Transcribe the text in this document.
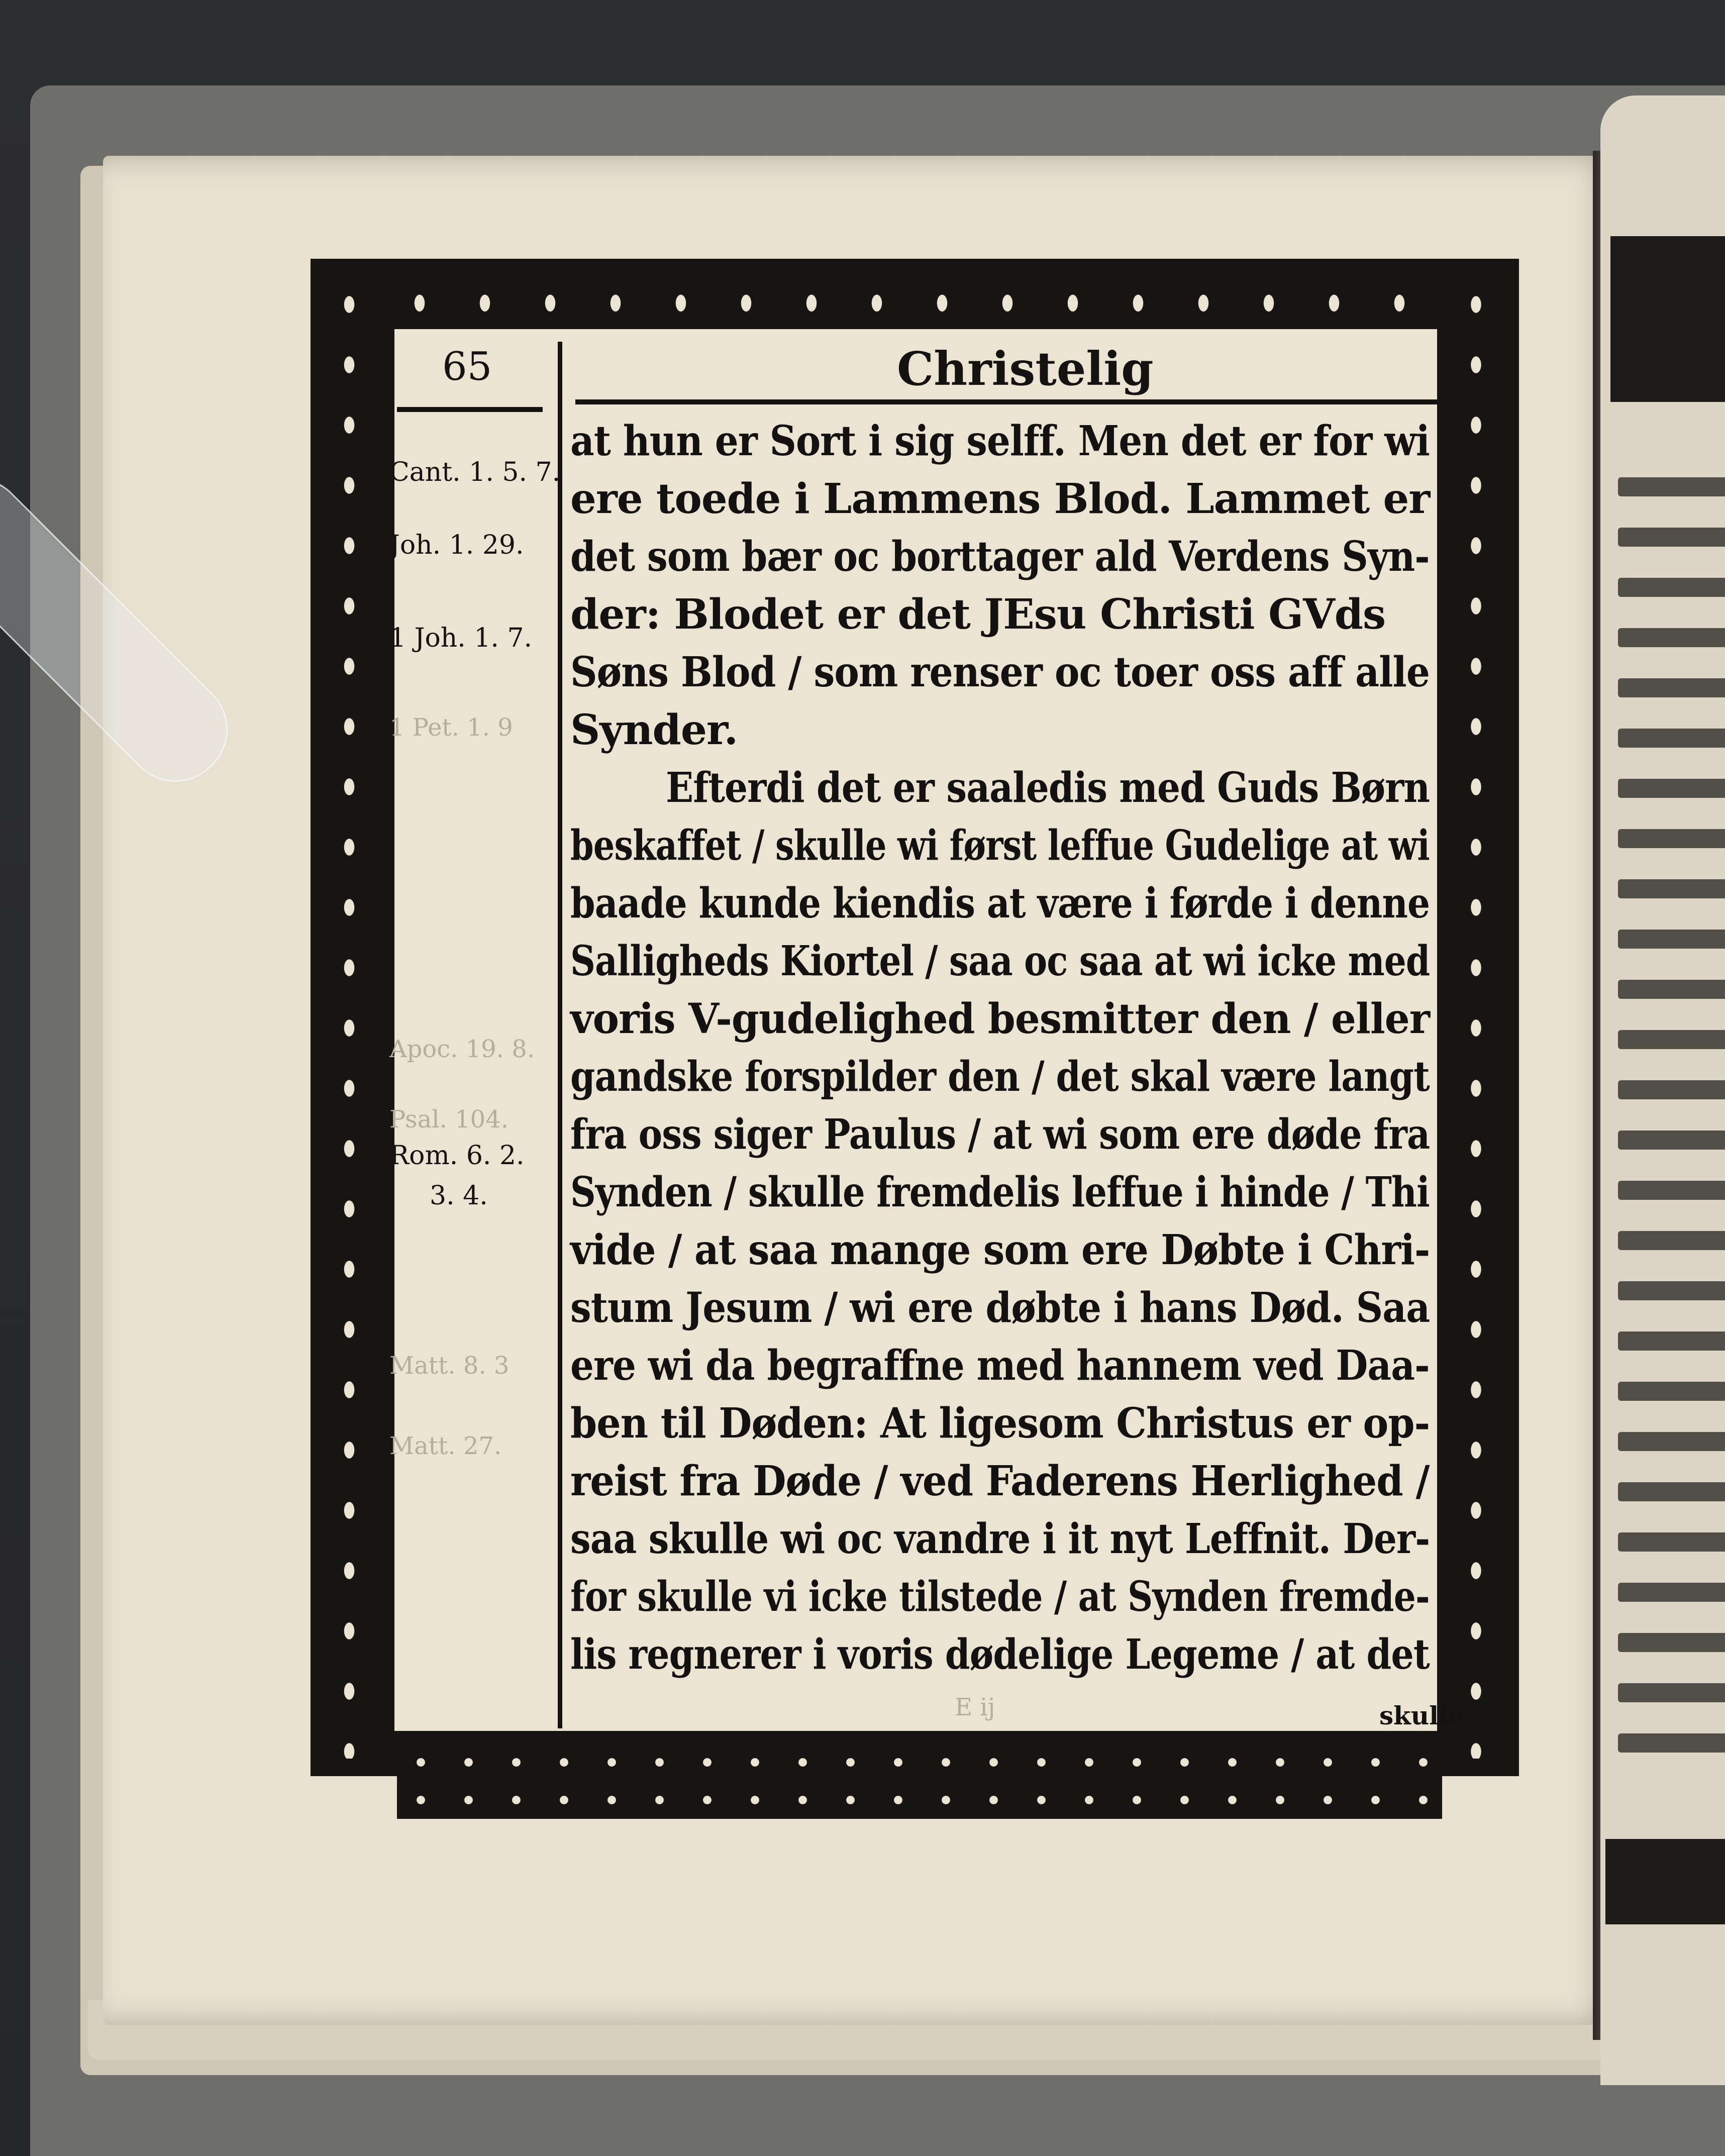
65	Christelig
Cant. 1. 5. 7.
Joh. 1. 29.
1 Joh. 1. 7.
1 Pet. 1. 9
Apoc. 19. 8.
Psal. 104.
Rom. 6. 2.
3. 4.
Matt. 8. 3
Matt. 27.
at hun er Sort i sig selff. Men det er for wi
ere toede i Lammens Blod. Lammet er
det som bær oc borttager ald Verdens Syn-
der: Blodet er det JEsu Christi GVds
Søns Blod / som renser oc toer oss aff alle
Synder.
Efterdi det er saaledis med Guds Børn
beskaffet / skulle wi først leffue Gudelige at wi
baade kunde kiendis at være i førde i denne
Salligheds Kiortel / saa oc saa at wi icke med
voris V-gudelighed besmitter den / eller
gandske forspilder den / det skal være langt
fra oss siger Paulus / at wi som ere døde fra
Synden / skulle fremdelis leffue i hinde / Thi
vide / at saa mange som ere Døbte i Chri-
stum Jesum / wi ere døbte i hans Død. Saa
ere wi da begraffne med hannem ved Daa-
ben til Døden: At ligesom Christus er op-
reist fra Døde / ved Faderens Herlighed /
saa skulle wi oc vandre i it nyt Leffnit. Der-
for skulle vi icke tilstede / at Synden fremde-
lis regnerer i voris dødelige Legeme / at det
E ij	skulle
